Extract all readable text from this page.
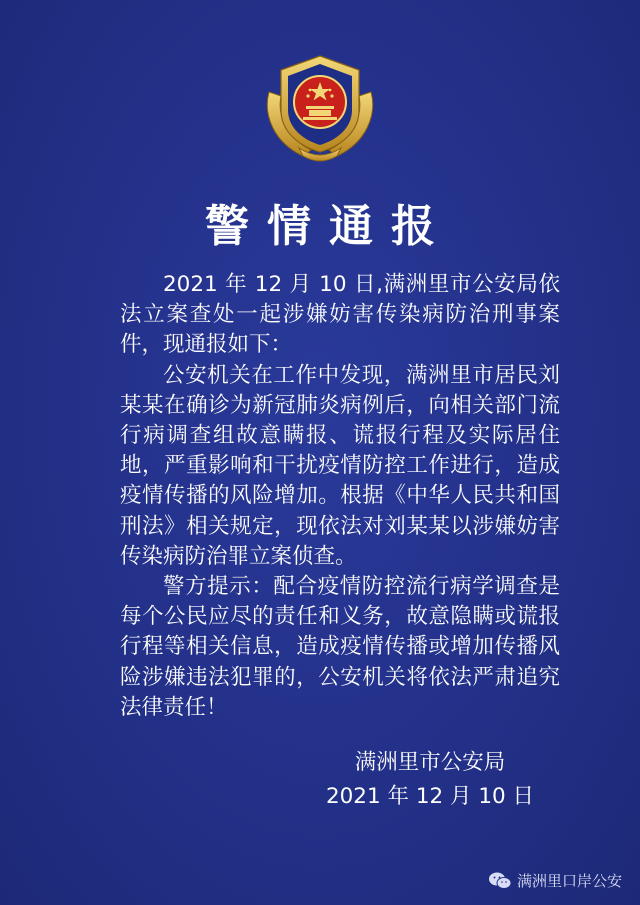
警情通报

2021 年 12 月 10 日,满洲里市公安局依法立案查处一起涉嫌妨害传染病防治刑事案件，现通报如下：

公安机关在工作中发现，满洲里市居民刘某某在确诊为新冠肺炎病例后，向相关部门流行病调查组故意瞒报、谎报行程及实际居住地，严重影响和干扰疫情防控工作进行，造成疫情传播的风险增加。根据《中华人民共和国刑法》相关规定，现依法对刘某某以涉嫌妨害传染病防治罪立案侦查。

警方提示：配合疫情防控流行病学调查是每个公民应尽的责任和义务，故意隐瞒或谎报行程等相关信息，造成疫情传播或增加传播风险涉嫌违法犯罪的，公安机关将依法严肃追究法律责任！

满洲里市公安局
2021 年 12 月 10 日
满洲里口岸公安
